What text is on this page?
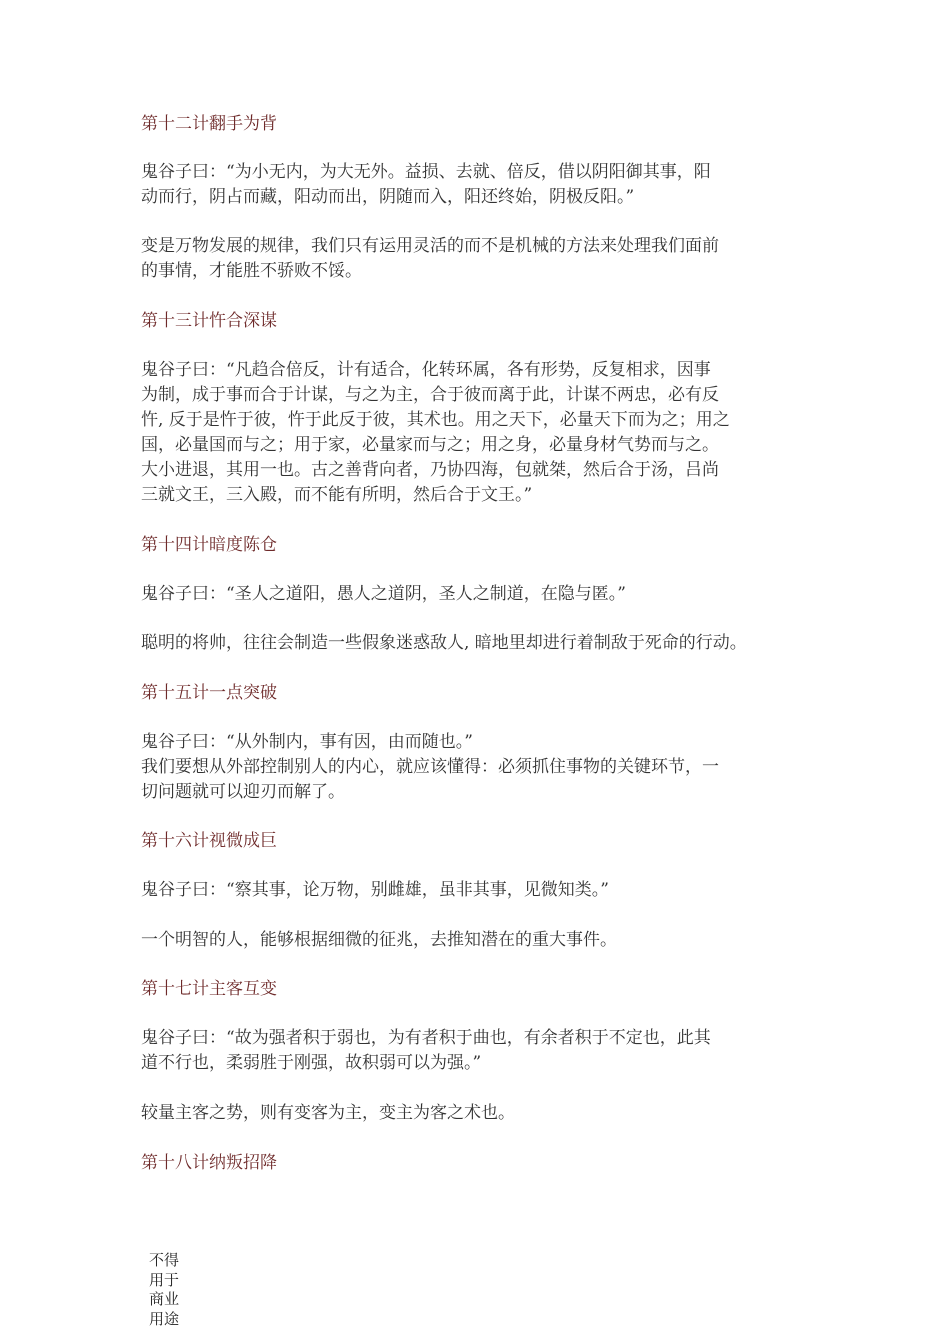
第十二计翻手为背
鬼谷子曰：“为小无内，为大无外。益损、去就、倍反，借以阴阳御其事，阳
动而行，阴占而藏，阳动而出，阴随而入，阳还终始，阴极反阳。”
变是万物发展的规律，我们只有运用灵活的而不是机械的方法来处理我们面前
的事情，才能胜不骄败不馁。
第十三计忤合深谋
鬼谷子曰：“凡趋合倍反，计有适合，化转环属，各有形势，反复相求，因事
为制，成于事而合于计谋，与之为主，合于彼而离于此，计谋不两忠，必有反
忤, 反于是忤于彼，忤于此反于彼，其术也。用之天下，必量天下而为之；用之
国，必量国而与之；用于家，必量家而与之；用之身，必量身材气势而与之。
大小进退，其用一也。古之善背向者，乃协四海，包就桀，然后合于汤，吕尚
三就文王，三入殿，而不能有所明，然后合于文王。”
第十四计暗度陈仓
鬼谷子曰：“圣人之道阳，愚人之道阴，圣人之制道，在隐与匿。”
聪明的将帅，往往会制造一些假象迷惑敌人, 暗地里却进行着制敌于死命的行动。
第十五计一点突破
鬼谷子曰：“从外制内，事有因，由而随也。”
我们要想从外部控制别人的内心，就应该懂得：必须抓住事物的关键环节，一
切问题就可以迎刃而解了。
第十六计视微成巨
鬼谷子曰：“察其事，论万物，别雌雄，虽非其事，见微知类。”
一个明智的人，能够根据细微的征兆，去推知潜在的重大事件。
第十七计主客互变
鬼谷子曰：“故为强者积于弱也，为有者积于曲也，有余者积于不定也，此其
道不行也，柔弱胜于刚强，故积弱可以为强。”
较量主客之势，则有变客为主，变主为客之术也。
第十八计纳叛招降
不得
用于
商业
用途
